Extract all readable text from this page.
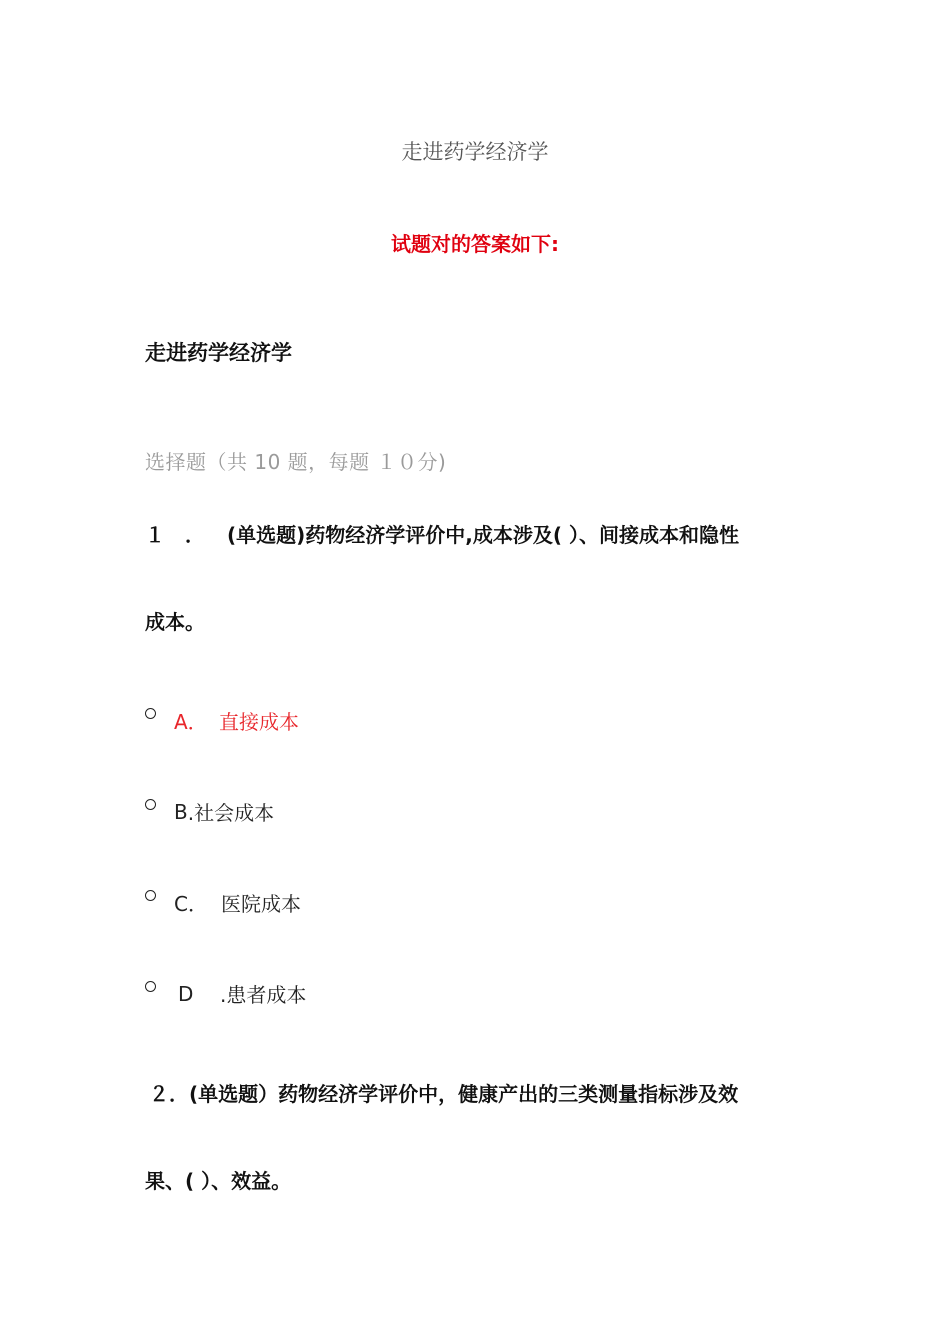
走进药学经济学
试题对的答案如下:
走进药学经济学
选择题（共 10 题，每题 １０分)
１　． (单选题)药物经济学评价中,成本涉及( ）、间接成本和隐性
成本。
A． 直接成本
B .社会成本
C． 医院成本
D	.患者成本
２．(单选题）药物经济学评价中，健康产出的三类测量指标涉及效
果、( ）、效益。
